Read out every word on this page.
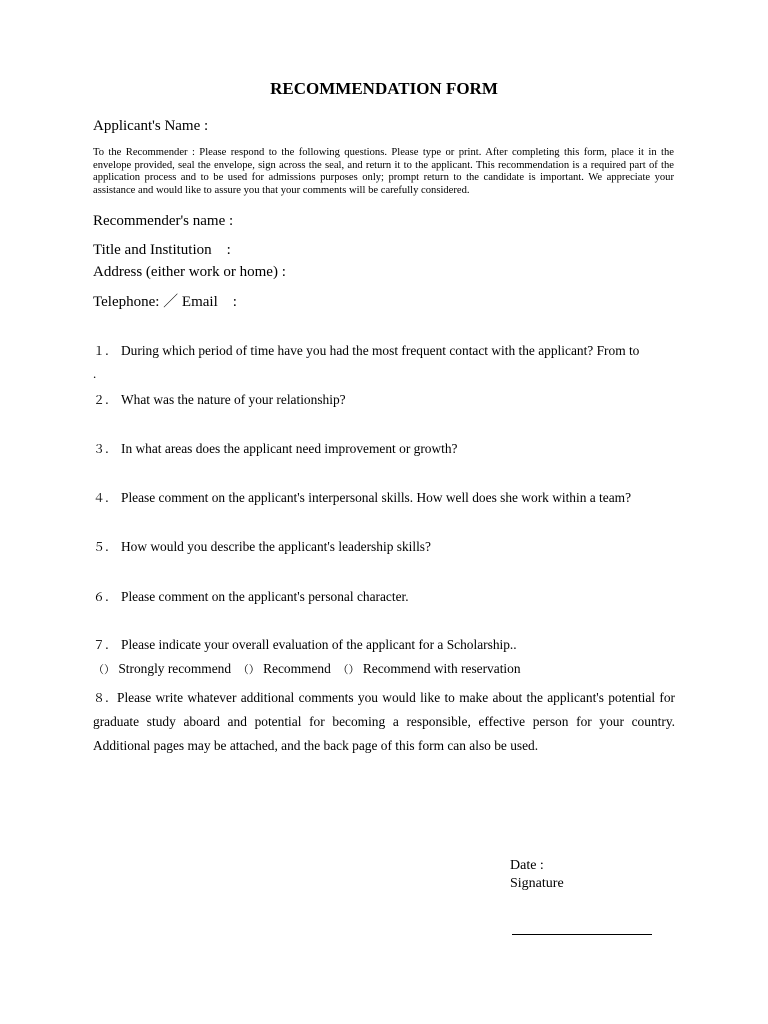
RECOMMENDATION FORM
Applicant's Name :
To the Recommender : Please respond to the following questions. Please type or print. After completing this form, place it in the envelope provided, seal the envelope, sign across the seal, and return it to the applicant. This recommendation is a required part of the application process and to be used for admissions purposes only; prompt return to the candidate is important. We appreciate your assistance and would like to assure you that your comments will be carefully considered.
Recommender's name :
Title and Institution　:
Address (either work or home) :
Telephone: ／ Email　:
１. During which period of time have you had the most frequent contact with the applicant? From to
.
２. What was the nature of your relationship?
３. In what areas does the applicant need improvement or growth?
４. Please comment on the applicant's interpersonal skills. How well does she work within a team?
５. How would you describe the applicant's leadership skills?
６. Please comment on the applicant's personal character.
７. Please indicate your overall evaluation of the applicant for a Scholarship..
（） Strongly recommend （） Recommend （） Recommend with reservation
８. Please write whatever additional comments you would like to make about the applicant's potential for graduate study aboard and potential for becoming a responsible, effective person for your country. Additional pages may be attached, and the back page of this form can also be used.
Date :
Signature
